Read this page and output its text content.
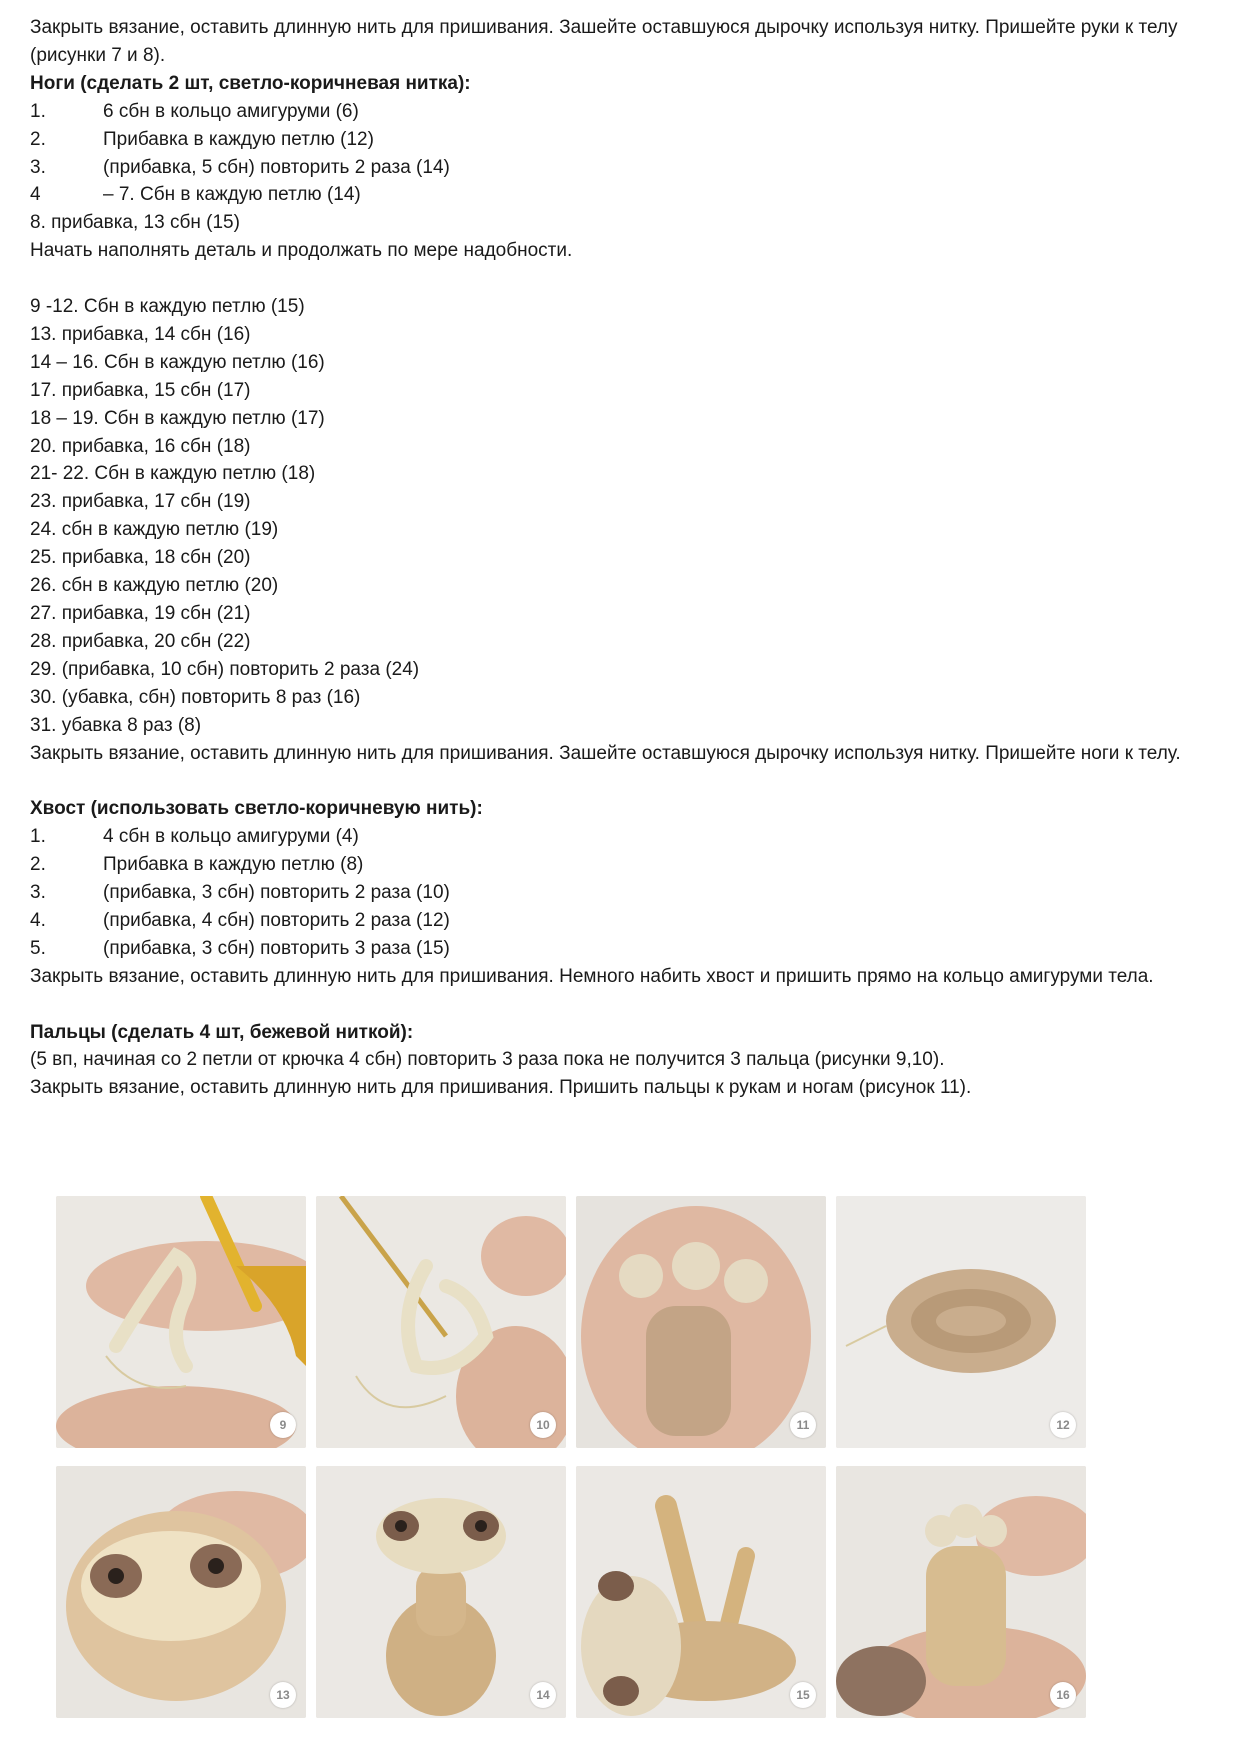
Закрыть вязание, оставить длинную нить для пришивания. Зашейте оставшуюся дырочку используя нитку. Пришейте руки к телу (рисунки 7 и 8).

Ноги (сделать 2 шт, светло-коричневая нитка):

1.	6 сбн в кольцо амигуруми (6)

2.	Прибавка в каждую петлю (12)

3.	(прибавка, 5 сбн) повторить 2 раза (14)

4	– 7. Сбн в каждую петлю (14)

8. прибавка, 13 сбн (15)

Начать наполнять деталь и продолжать по мере надобности.

9 -12. Сбн в каждую петлю (15)

13. прибавка, 14 сбн (16)

14 – 16. Сбн в каждую петлю (16)

17. прибавка, 15 сбн (17)

18 – 19. Сбн в каждую петлю (17)

20. прибавка, 16 сбн (18)

21- 22. Сбн в каждую петлю (18)

23. прибавка, 17 сбн (19)

24. сбн в каждую петлю (19)

25. прибавка, 18 сбн (20)

26. сбн в каждую петлю (20)

27. прибавка, 19 сбн (21)

28. прибавка, 20 сбн (22)

29. (прибавка, 10 сбн) повторить 2 раза (24)

30. (убавка, сбн) повторить 8 раз (16)

31. убавка 8 раз (8)

Закрыть вязание, оставить длинную нить для пришивания. Зашейте оставшуюся дырочку используя нитку. Пришейте ноги к телу.

Хвост (использовать светло-коричневую нить):

1.	4 сбн в кольцо амигуруми (4)

2.	Прибавка в каждую петлю (8)

3.	(прибавка, 3 сбн) повторить 2 раза (10)

4.	(прибавка, 4 сбн) повторить 2 раза (12)

5.	(прибавка, 3 сбн) повторить 3 раза (15)

Закрыть вязание, оставить длинную нить для пришивания. Немного набить хвост и пришить прямо на кольцо амигуруми тела.

Пальцы (сделать 4 шт, бежевой ниткой):

(5 вп, начиная со 2 петли от крючка 4 сбн) повторить 3 раза пока не получится 3 пальца (рисунки 9,10).

Закрыть вязание, оставить длинную нить для пришивания. Пришить пальцы к рукам и ногам (рисунок 11).

9	10	11	12
13	14	15	16
